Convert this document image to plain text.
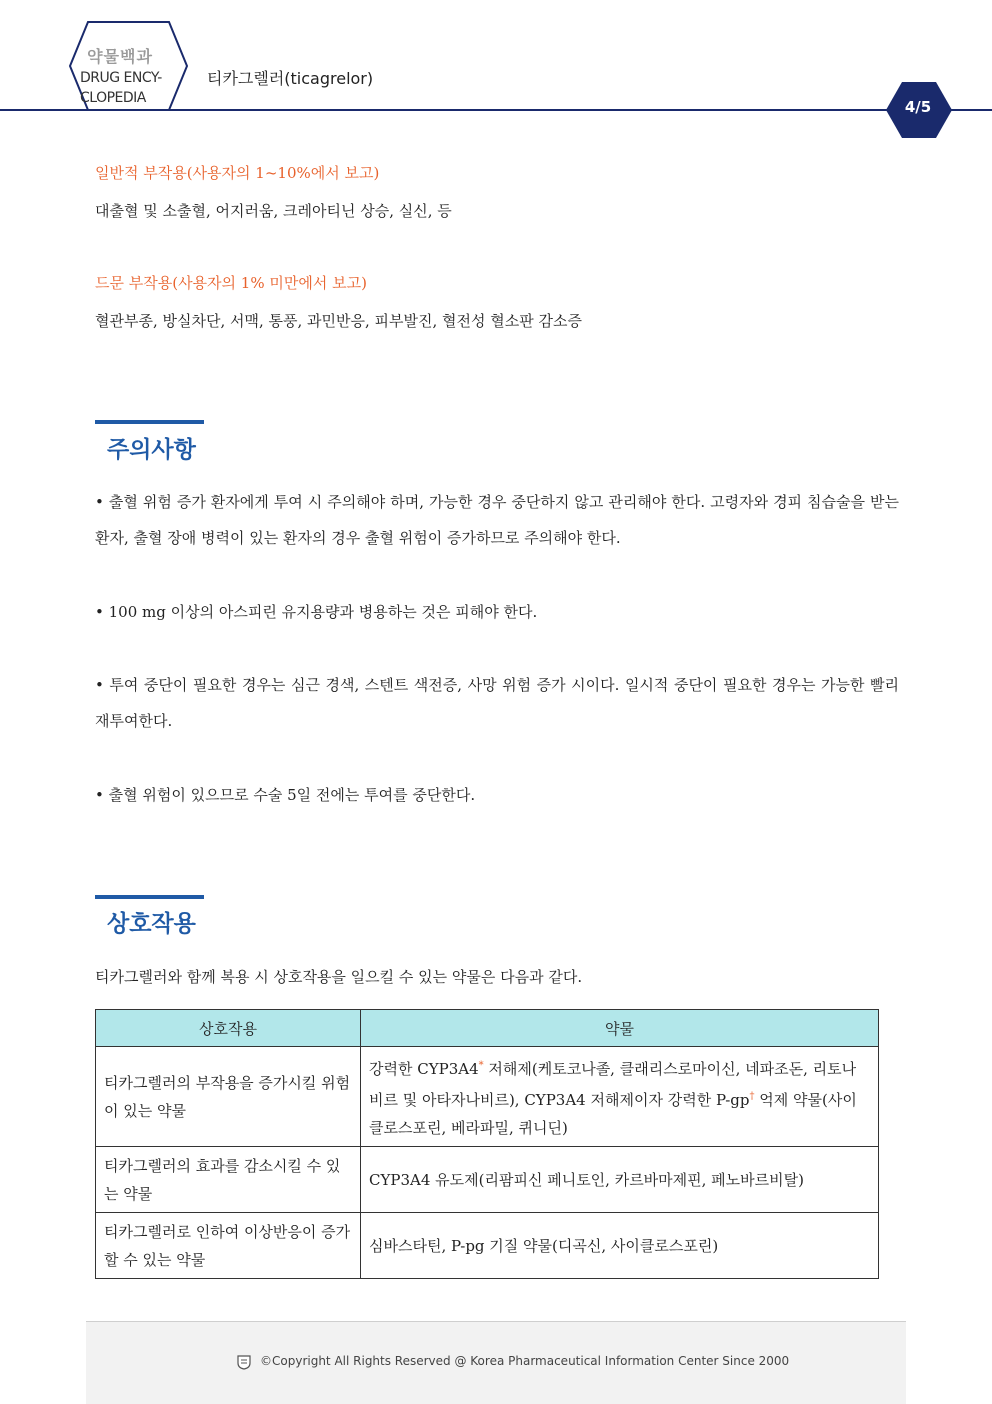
약물백과
DRUG ENCY-
CLOPEDIA
티카그렐러(ticagrelor)
4/5
일반적 부작용(사용자의 1~10%에서 보고)
대출혈 및 소출혈, 어지러움, 크레아티닌 상승, 실신, 등
드문 부작용(사용자의 1% 미만에서 보고)
혈관부종, 방실차단, 서맥, 통풍, 과민반응, 피부발진, 혈전성 혈소판 감소증
주의사항
• 출혈 위험 증가 환자에게 투여 시 주의해야 하며, 가능한 경우 중단하지 않고 관리해야 한다. 고령자와 경피 침습술을 받는 환자, 출혈 장애 병력이 있는 환자의 경우 출혈 위험이 증가하므로 주의해야 한다.
• 100 mg 이상의 아스피린 유지용량과 병용하는 것은 피해야 한다.
• 투여 중단이 필요한 경우는 심근 경색, 스텐트 색전증, 사망 위험 증가 시이다. 일시적 중단이 필요한 경우는 가능한 빨리 재투여한다.
• 출혈 위험이 있으므로 수술 5일 전에는 투여를 중단한다.
상호작용
티카그렐러와 함께 복용 시 상호작용을 일으킬 수 있는 약물은 다음과 같다.
상호작용	약물
티카그렐러의 부작용을 증가시킬 위험이 있는 약물	강력한 CYP3A4* 저해제(케토코나졸, 클래리스로마이신, 네파조돈, 리토나비르 및 아타자나비르), CYP3A4 저해제이자 강력한 P-gp† 억제 약물(사이클로스포린, 베라파밀, 퀴니딘)
티카그렐러의 효과를 감소시킬 수 있는 약물	CYP3A4 유도제(리팜피신 페니토인, 카르바마제핀, 페노바르비탈)
티카그렐러로 인하여 이상반응이 증가할 수 있는 약물	심바스타틴, P-pg 기질 약물(디곡신, 사이클로스포린)
©Copyright All Rights Reserved @ Korea Pharmaceutical Information Center Since 2000
